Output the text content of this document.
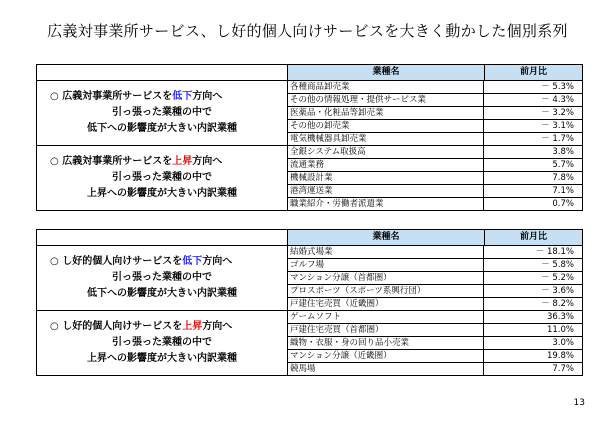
広義対事業所サービス、し好的個人向けサービスを大きく動かした個別系列
業種名	前月比
○ 広義対事業所サービスを低下方向へ
引っ張った業種の中で
低下への影響度が大きい内訳業種
各種商品卸売業	－ 5.3%
その他の情報処理・提供サービス業	－ 4.3%
医薬品・化粧品等卸売業	－ 3.2%
その他の卸売業	－ 3.1%
電気機械器具卸売業	－ 1.7%
○ 広義対事業所サービスを上昇方向へ
引っ張った業種の中で
上昇への影響度が大きい内訳業種
全銀システム取扱高	3.8%
流通業務	5.7%
機械設計業	7.8%
港湾運送業	7.1%
職業紹介・労働者派遣業	0.7%
業種名	前月比
○ し好的個人向けサービスを低下方向へ
引っ張った業種の中で
低下への影響度が大きい内訳業種
結婚式場業	－ 18.1%
ゴルフ場	－ 5.8%
マンション分譲（首都圏）	－ 5.2%
プロスポーツ（スポーツ系興行団）	－ 3.6%
戸建住宅売買（近畿圏）	－ 8.2%
○ し好的個人向けサービスを上昇方向へ
引っ張った業種の中で
上昇への影響度が大きい内訳業種
ゲームソフト	36.3%
戸建住宅売買（首都圏）	11.0%
織物・衣服・身の回り品小売業	3.0%
マンション分譲（近畿圏）	19.8%
競馬場	7.7%
13
